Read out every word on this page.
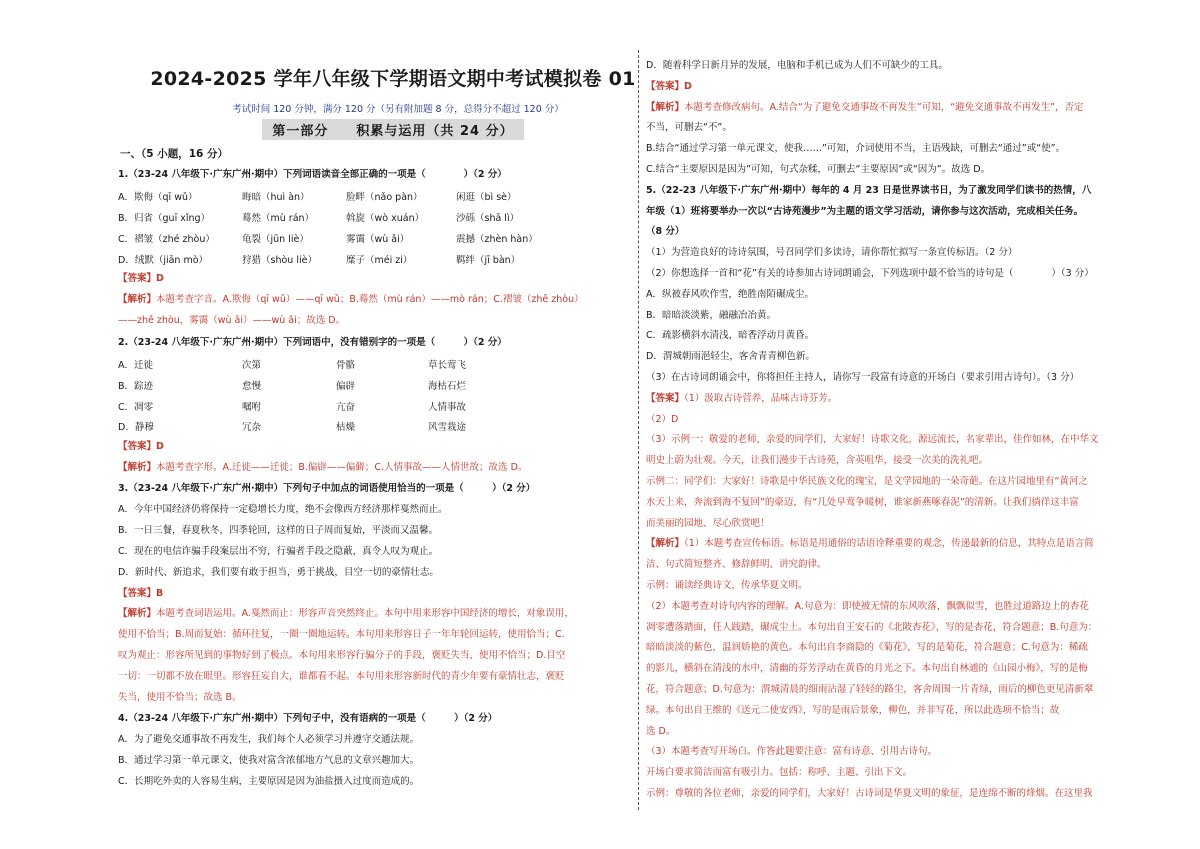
2024-2025 学年八年级下学期语文期中考试模拟卷 01
考试时间 120 分钟，满分 120 分（另有附加题 8 分，总得分不超过 120 分）
第一部分　　积累与运用（共 24 分）
一、（5 小题，16 分）
1.（23-24 八年级下·广东广州·期中）下列词语读音全部正确的一项是（　　　　）（2 分）
A．欺侮（qī wǔ）	晦暗（huì àn）	脸畔（nǎo pàn）	闲逛（bì sè）
B．归省（guī xǐng）	蓦然（mù rán）	斡旋（wò xuán）	沙砾（shā lì）
C．褶皱（zhé zhòu）	龟裂（jūn liè）	雾霭（wù ǎi）	震撼（zhèn hàn）
D．绒默（jiān mò）	狩猎（shòu liè）	糜子（méi zi）	羁绊（jī bàn）
【答案】D

【解析】本题考查字音。A.欺侮（qī wǔ）——qī wǔ；B.蓦然（mù rán）——mò rán；C.褶皱（zhě zhòu）

——zhě zhòu，雾霭（wù ǎi）——wù ǎi；故选 D。

2.（23-24 八年级下·广东广州·期中）下列词语中，没有错别字的一项是（　　　）（2 分）
A．迁徙	次第	骨骼	草长莺飞
B．踪迹	怠慢	偏辟	海枯石烂
C．凋零	嘱咐	亢奋	人情事故
D．静穆	冗杂	枯燥	风雪栽途
【答案】D

【解析】本题考查字形。A.迁徙——迁徙；B.偏辟——偏僻；C.人情事故——人情世故；故选 D。

3.（23-24 八年级下·广东广州·期中）下列句子中加点的词语使用恰当的一项是（　　　）（2 分）

A．今年中国经济仍将保持一定稳增长力度，绝不会像西方经济那样戛然而止。

B．一日三餐，春夏秋冬，四季轮回，这样的日子周而复始，平淡而又温馨。

C．现在的电信诈骗手段案层出不穷，行骗者手段之隐蔽，真令人叹为观止。

D．新时代、新追求，我们要有敢于担当，勇于挑战，目空一切的豪情壮志。

【答案】B

【解析】本题考查词语运用。A.戛然而止：形容声音突然终止。本句中用来形容中国经济的增长，对象误用，

使用不恰当；B.周而复始：循环往复，一圈一圈地运转。本句用来形容日子一年年轮回运转，使用恰当；C.

叹为观止：形容所见到的事物好到了极点。本句用来形容行骗分子的手段，褒贬失当，使用不恰当；D.目空

一切：一切都不放在眼里。形容狂妄自大，谁都看不起。本句用来形容新时代的青少年要有豪情壮志，褒贬

失当，使用不恰当；故选 B。

4.（23-24 八年级下·广东广州·期中）下列句子中，没有语病的一项是（　　　）（2 分）

A．为了避免交通事故不再发生，我们每个人必须学习并遵守交通法规。

B．通过学习第一单元课文，使我对富含浓郁地方气息的文章兴趣加大。

C．长期吃外卖的人容易生病，主要原因是因为油盐摄入过度而造成的。

D．随着科学日新月异的发展，电脑和手机已成为人们不可缺少的工具。

【答案】D

【解析】本题考查修改病句。A.结合“为了避免交通事故不再发生”可知，“避免交通事故不再发生”，否定

不当，可删去“不”。

B.结合“通过学习第一单元课文，使我……”可知，介词使用不当，主语残缺，可删去“通过”或“使”。

C.结合“主要原因是因为”可知，句式杂糅，可删去“主要原因”或“因为”。故选 D。

5.（22-23 八年级下·广东广州·期中）每年的 4 月 23 日是世界读书日，为了激发同学们读书的热情，八
年级（1）班将要举办一次以“古诗苑漫步”为主题的语文学习活动，请你参与这次活动，完成相关任务。
（8 分）

（1）为营造良好的诗诗氛围，号召同学们多读诗，请你帮忙拟写一条宣传标语。（2 分）

（2）你想选择一首和“花”有关的诗参加古诗词朗诵会，下列选项中最不恰当的诗句是（　　　　）（3 分）

A．纵被春风吹作雪，绝胜南陌碾成尘。

B．暗暗淡淡紫，融融冶冶黄。

C．疏影横斜水清浅，暗香浮动月黄昏。

D．渭城朝雨浥轻尘，客舍青青柳色新。

（3）在古诗词朗诵会中，你将担任主持人，请你写一段富有诗意的开场白（要求引用古诗句）。（3 分）

【答案】（1）汲取古诗营养，品味古诗芬芳。

（2）D

（3）示例一：敬爱的老师，亲爱的同学们，大家好！诗歌文化，源远流长，名家辈出，佳作如林，在中华文

明史上蔚为壮观。今天，让我们漫步于古诗苑，含英咀华，接受一次美的洗礼吧。

示例二：同学们：大家好！诗歌是中华民族文化的瑰宝，是文学园地的一朵奇葩。在这片园地里有“黄河之

水天上来，奔流到海不复回”的豪迈，有“几处早莺争暖树，谁家新燕啄春泥”的清新。让我们徜徉这丰富

而美丽的园地、尽心欣赏吧！

【解析】（1）本题考查宣传标语。标语是用通俗的话语诠释重要的观念，传递最新的信息，其特点是语言简

洁、句式简短整齐、修辞鲜明、讲究韵律。

示例：诵读经典诗文，传承华夏文明。

（2）本题考查对诗句内容的理解。A.句意为：即使被无情的东风吹落，飘飘似雪，也胜过道路边上的杏花

凋零遭落踏面，任人践踏，碾成尘土。本句出自王安石的《北陂杏花》，写的是杏花，符合题意；B.句意为：

暗暗淡淡的紫色，温润娇艳的黄色。本句出自李商隐的《菊花》，写的是菊花，符合题意；C.句意为：稀疏

的影儿，横斜在清浅的水中，清幽的芬芳浮动在黄昏的月光之下。本句出自林逋的《山园小梅》，写的是梅

花，符合题意；D.句意为：渭城清晨的细雨沾湿了轻轻的路尘，客舍周围一片青绿，雨后的柳色更见清新翠

绿。本句出自王维的《送元二使安西》，写的是雨后景象，柳色，并非写花，所以此选项不恰当；故

选 D。

（3）本题考查写开场白。作答此题要注意：富有诗意、引用古诗句。

开场白要求简洁而富有吸引力。包括：称呼、主题、引出下文。

示例：尊敬的各位老师，亲爱的同学们，大家好！古诗词是华夏文明的象征，是连绵不断的烽烟。在这里我
